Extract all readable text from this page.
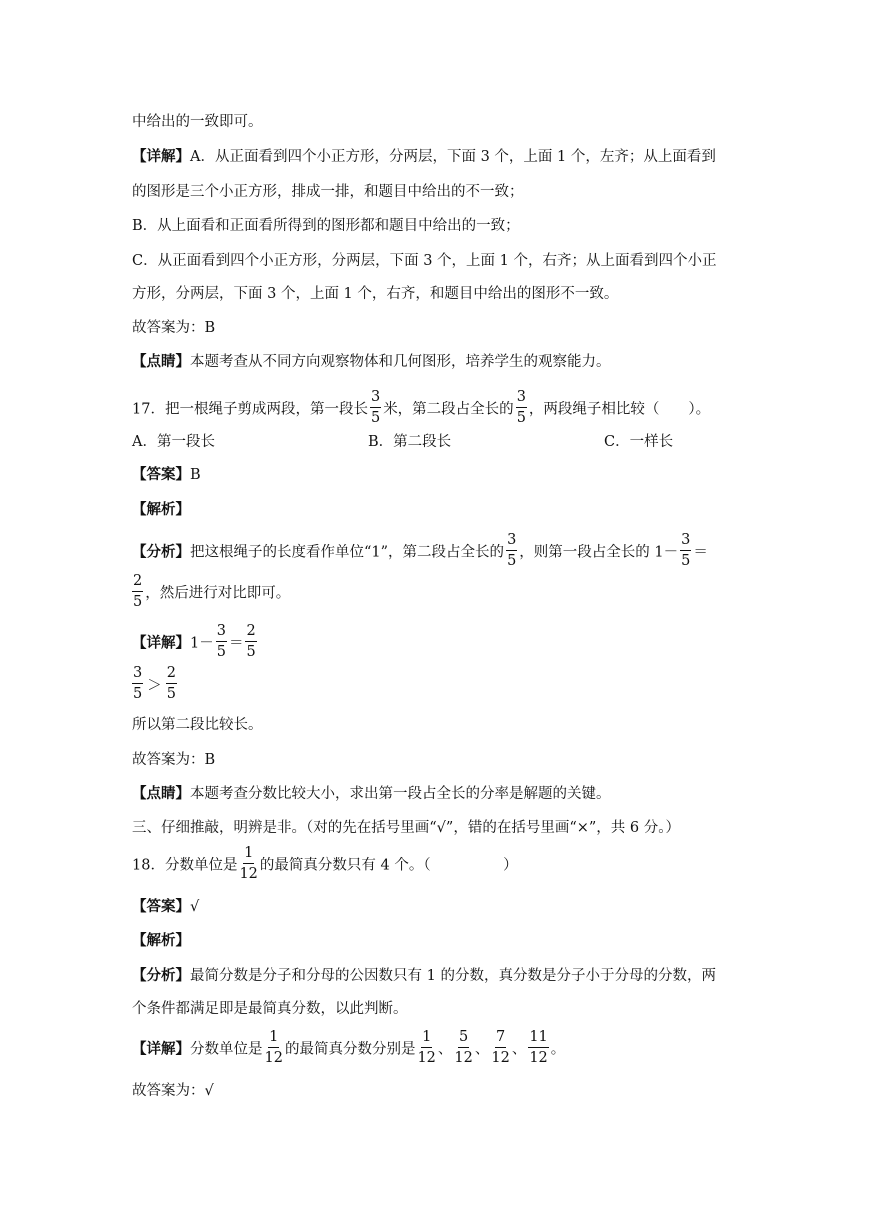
中给出的一致即可。
【详解】A．从正面看到四个小正方形，分两层，下面 3 个，上面 1 个，左齐；从上面看到
的图形是三个小正方形，排成一排，和题目中给出的不一致；
B．从上面看和正面看所得到的图形都和题目中给出的一致；
C．从正面看到四个小正方形，分两层，下面 3 个，上面 1 个，右齐；从上面看到四个小正
方形，分两层，下面 3 个，上面 1 个，右齐，和题目中给出的图形不一致。
故答案为：B
【点睛】本题考查从不同方向观察物体和几何图形，培养学生的观察能力。
17．把一根绳子剪成两段，第一段长 $\frac{3}{5}$ 米，第二段占全长的 $\frac{3}{5}$ ，两段绳子相比较（　　）。
A．第一段长	B．第二段长	C．一样长
【答案】B
【解析】
【分析】把这根绳子的长度看作单位“1”，第二段占全长的 $\frac{3}{5}$ ，则第一段占全长的 $1- \frac{3}{5}$ ＝
$\frac{2}{5}$ ，然后进行对比即可。
【详解】$1- \frac{3}{5} = \frac{2}{5}$
$\frac{3}{5} > \frac{2}{5}$
所以第二段比较长。
故答案为：B
【点睛】本题考查分数比较大小，求出第一段占全长的分率是解题的关键。
三、仔细推敲，明辨是非。（对的先在括号里画“√”，错的在括号里画“×”，共 6 分。）
18．分数单位是 $\frac{1}{12}$ 的最简真分数只有 4 个。（　　　　　）
【答案】√
【解析】
【分析】最简分数是分子和分母的公因数只有 1 的分数，真分数是分子小于分母的分数，两
个条件都满足即是最简真分数，以此判断。
【详解】分数单位是 $\frac{1}{12}$ 的最简真分数分别是 $\frac{1}{12}$ 、 $\frac{5}{12}$ 、 $\frac{7}{12}$ 、 $\frac{11}{12}$ 。
故答案为：√
